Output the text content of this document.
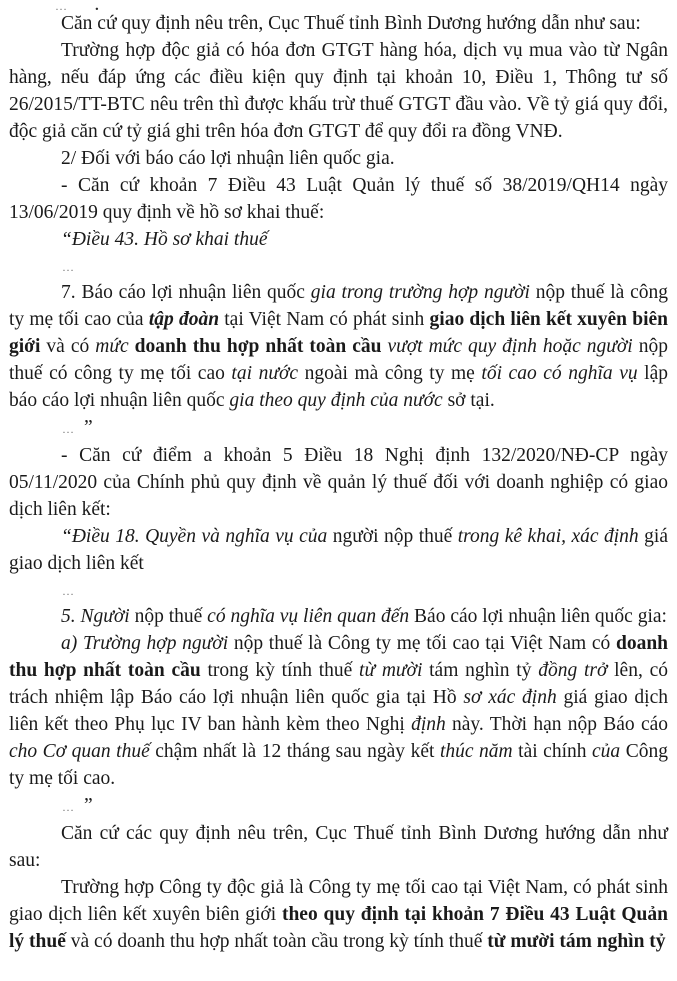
… .

Căn cứ quy định nêu trên, Cục Thuế tỉnh Bình Dương hướng dẫn như sau:

Trường hợp độc giả có hóa đơn GTGT hàng hóa, dịch vụ mua vào từ Ngân hàng, nếu đáp ứng các điều kiện quy định tại khoản 10, Điều 1, Thông tư số 26/2015/TT-BTC nêu trên thì được khấu trừ thuế GTGT đầu vào. Về tỷ giá quy đổi, độc giả căn cứ tỷ giá ghi trên hóa đơn GTGT để quy đổi ra đồng VNĐ.

2/ Đối với báo cáo lợi nhuận liên quốc gia.

- Căn cứ khoản 7 Điều 43 Luật Quản lý thuế số 38/2019/QH14 ngày 13/06/2019 quy định về hồ sơ khai thuế:

“Điều 43. Hồ sơ khai thuế

…

7. Báo cáo lợi nhuận liên quốc gia trong trường hợp người nộp thuế là công ty mẹ tối cao của tập đoàn tại Việt Nam có phát sinh giao dịch liên kết xuyên biên giới và có mức doanh thu hợp nhất toàn cầu vượt mức quy định hoặc người nộp thuế có công ty mẹ tối cao tại nước ngoài mà công ty mẹ tối cao có nghĩa vụ lập báo cáo lợi nhuận liên quốc gia theo quy định của nước sở tại.

… ”

- Căn cứ điểm a khoản 5 Điều 18 Nghị định 132/2020/NĐ-CP ngày 05/11/2020 của Chính phủ quy định về quản lý thuế đối với doanh nghiệp có giao dịch liên kết:

“Điều 18. Quyền và nghĩa vụ của người nộp thuế trong kê khai, xác định giá giao dịch liên kết

…

5. Người nộp thuế có nghĩa vụ liên quan đến Báo cáo lợi nhuận liên quốc gia:

a) Trường hợp người nộp thuế là Công ty mẹ tối cao tại Việt Nam có doanh thu hợp nhất toàn cầu trong kỳ tính thuế từ mười tám nghìn tỷ đồng trở lên, có trách nhiệm lập Báo cáo lợi nhuận liên quốc gia tại Hồ sơ xác định giá giao dịch liên kết theo Phụ lục IV ban hành kèm theo Nghị định này. Thời hạn nộp Báo cáo cho Cơ quan thuế chậm nhất là 12 tháng sau ngày kết thúc năm tài chính của Công ty mẹ tối cao.

… ”

Căn cứ các quy định nêu trên, Cục Thuế tỉnh Bình Dương hướng dẫn như sau:

Trường hợp Công ty độc giả là Công ty mẹ tối cao tại Việt Nam, có phát sinh giao dịch liên kết xuyên biên giới theo quy định tại khoản 7 Điều 43 Luật Quản lý thuế và có doanh thu hợp nhất toàn cầu trong kỳ tính thuế từ mười tám nghìn tỷ
